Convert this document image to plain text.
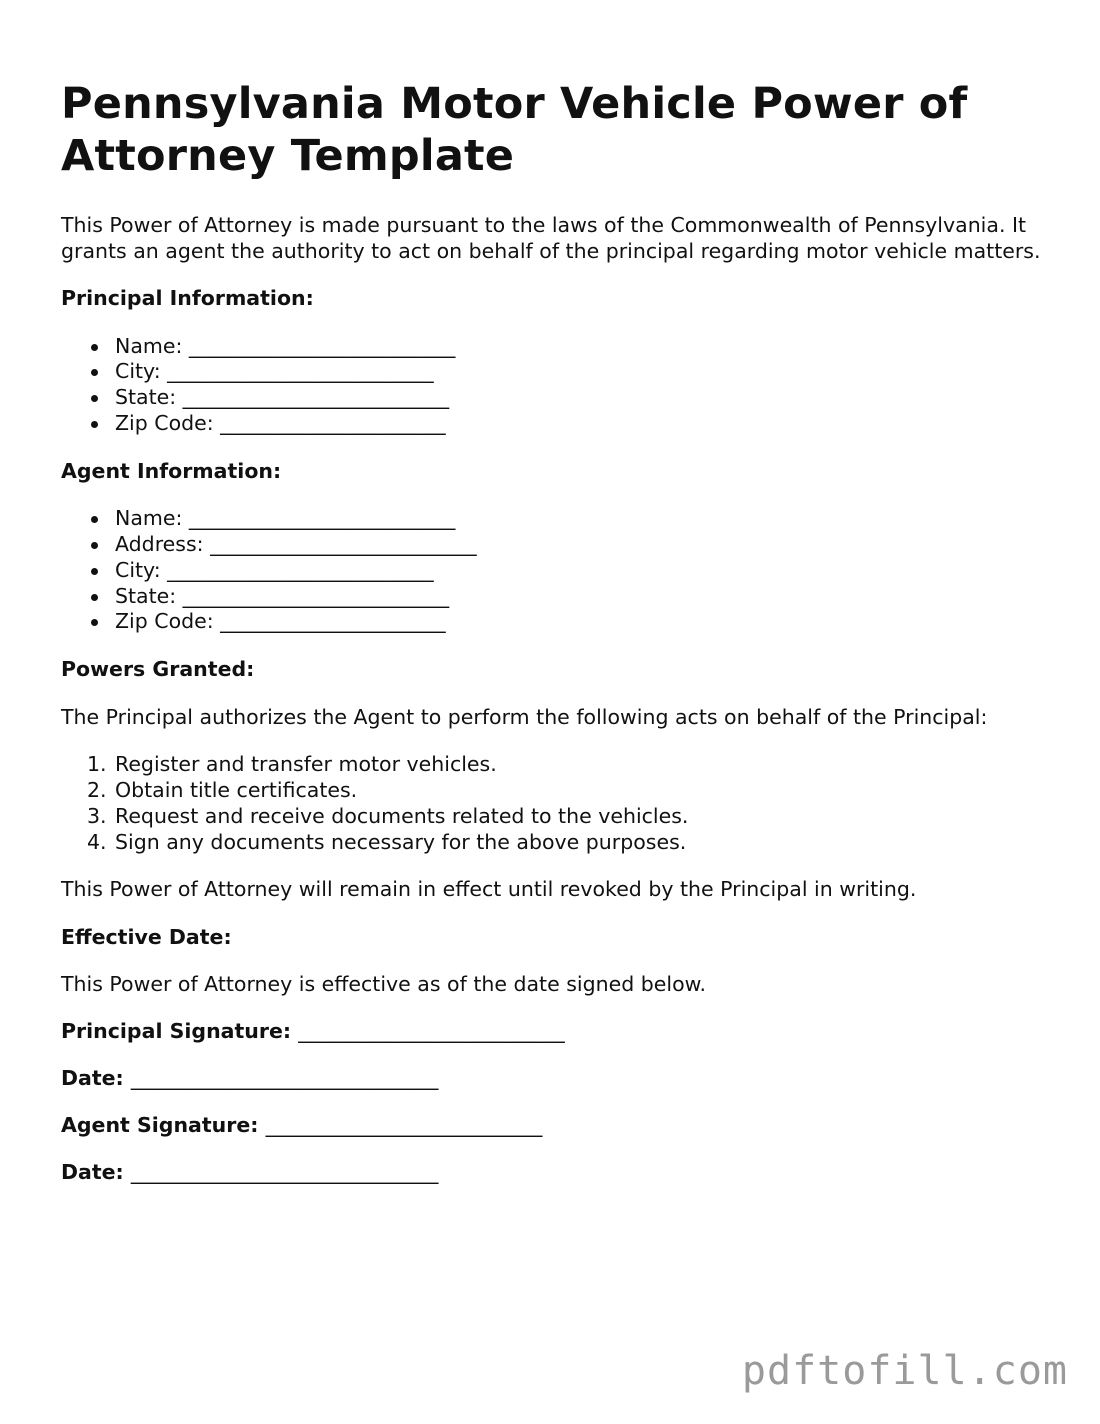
Pennsylvania Motor Vehicle Power of Attorney Template

This Power of Attorney is made pursuant to the laws of the Commonwealth of Pennsylvania. It grants an agent the authority to act on behalf of the principal regarding motor vehicle matters.

Principal Information:
Name: __________________________
City: __________________________
State: __________________________
Zip Code: ______________________
Agent Information:
Name: __________________________
Address: __________________________
City: __________________________
State: __________________________
Zip Code: ______________________
Powers Granted:

The Principal authorizes the Agent to perform the following acts on behalf of the Principal:

1. Register and transfer motor vehicles.
2. Obtain title certificates.
3. Request and receive documents related to the vehicles.
4. Sign any documents necessary for the above purposes.

This Power of Attorney will remain in effect until revoked by the Principal in writing.

Effective Date:

This Power of Attorney is effective as of the date signed below.

Principal Signature: __________________________
Date: ______________________________
Agent Signature: ___________________________
Date: ______________________________
pdftofill.com
